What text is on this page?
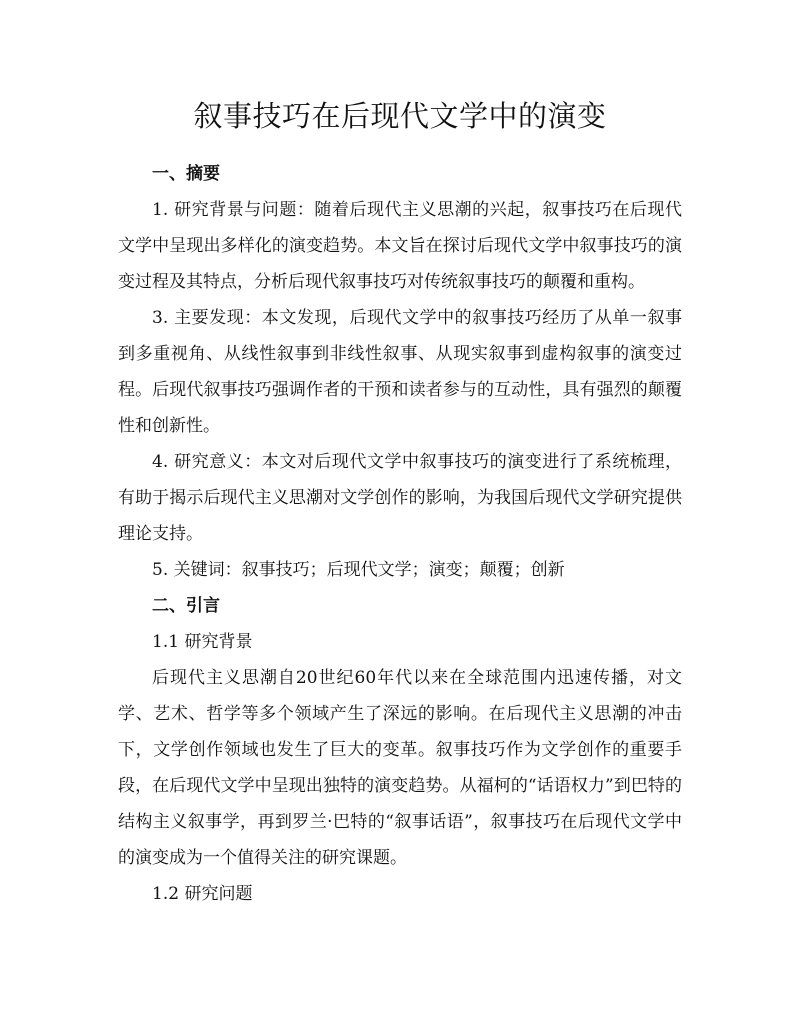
叙事技巧在后现代文学中的演变

一、摘要

1. 研究背景与问题：随着后现代主义思潮的兴起，叙事技巧在后现代文学中呈现出多样化的演变趋势。本文旨在探讨后现代文学中叙事技巧的演变过程及其特点，分析后现代叙事技巧对传统叙事技巧的颠覆和重构。

3. 主要发现：本文发现，后现代文学中的叙事技巧经历了从单一叙事到多重视角、从线性叙事到非线性叙事、从现实叙事到虚构叙事的演变过程。后现代叙事技巧强调作者的干预和读者参与的互动性，具有强烈的颠覆性和创新性。

4. 研究意义：本文对后现代文学中叙事技巧的演变进行了系统梳理，有助于揭示后现代主义思潮对文学创作的影响，为我国后现代文学研究提供理论支持。

5. 关键词：叙事技巧；后现代文学；演变；颠覆；创新

二、引言

1.1 研究背景

后现代主义思潮自20世纪60年代以来在全球范围内迅速传播，对文学、艺术、哲学等多个领域产生了深远的影响。在后现代主义思潮的冲击下，文学创作领域也发生了巨大的变革。叙事技巧作为文学创作的重要手段，在后现代文学中呈现出独特的演变趋势。从福柯的“话语权力”到巴特的结构主义叙事学，再到罗兰·巴特的“叙事话语”，叙事技巧在后现代文学中的演变成为一个值得关注的研究课题。

1.2 研究问题
